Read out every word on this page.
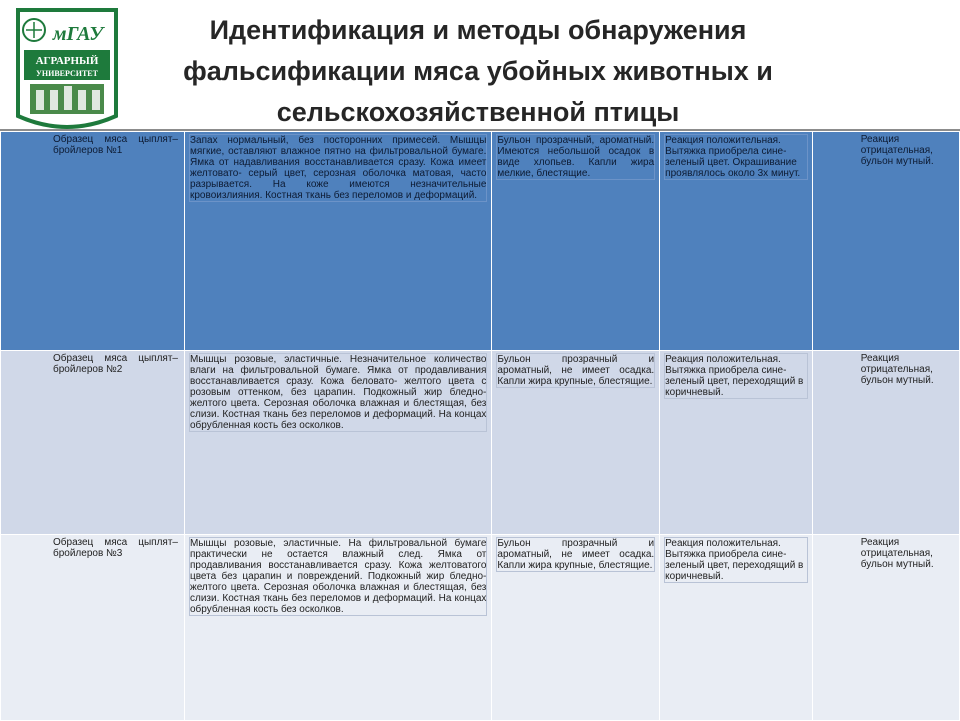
мГАУ
АГРАРНЫЙ
УНИВЕРСИТЕТ
Идентификация и методы обнаружения
фальсификации мяса убойных животных и
сельскохозяйственной птицы
Образец мяса цыплят–бройлеров №1	Запах нормальный, без посторонних примесей. Мышцы мягкие, оставляют влажное пятно на фильтровальной бумаге. Ямка от надавливания восстанавливается сразу. Кожа имеет желтовато- серый цвет, серозная оболочка матовая, часто разрывается. На коже имеются незначительные кровоизлияния. Костная ткань без переломов и деформаций.	Бульон прозрачный, ароматный. Имеются небольшой осадок в виде хлопьев. Капли жира мелкие, блестящие.	Реакция положительная. Вытяжка приобрела сине-зеленый цвет. Окрашивание проявлялось около 3х минут.	Реакция отрицательная, бульон мутный.

Образец мяса цыплят–бройлеров №2	Мышцы розовые, эластичные. Незначительное количество влаги на фильтровальной бумаге. Ямка от продавливания восстанавливается сразу. Кожа беловато- желтого цвета с розовым оттенком, без царапин. Подкожный жир бледно- желтого цвета. Серозная оболочка влажная и блестящая, без слизи. Костная ткань без переломов и деформаций. На концах обрубленная кость без осколков.	Бульон прозрачный и ароматный, не имеет осадка. Капли жира крупные, блестящие.	Реакция положительная. Вытяжка приобрела сине-зеленый цвет, переходящий в коричневый.	Реакция отрицательная, бульон мутный.

Образец мяса цыплят–бройлеров №3	Мышцы розовые, эластичные. На фильтровальной бумаге практически не остается влажный след. Ямка от продавливания восстанавливается сразу. Кожа желтоватого цвета без царапин и повреждений. Подкожный жир бледно-желтого цвета. Серозная оболочка влажная и блестящая, без слизи. Костная ткань без переломов и деформаций. На концах обрубленная кость без осколков.	Бульон прозрачный и ароматный, не имеет осадка. Капли жира крупные, блестящие.	Реакция положительная. Вытяжка приобрела сине-зеленый цвет, переходящий в коричневый.	Реакция отрицательная, бульон мутный.
